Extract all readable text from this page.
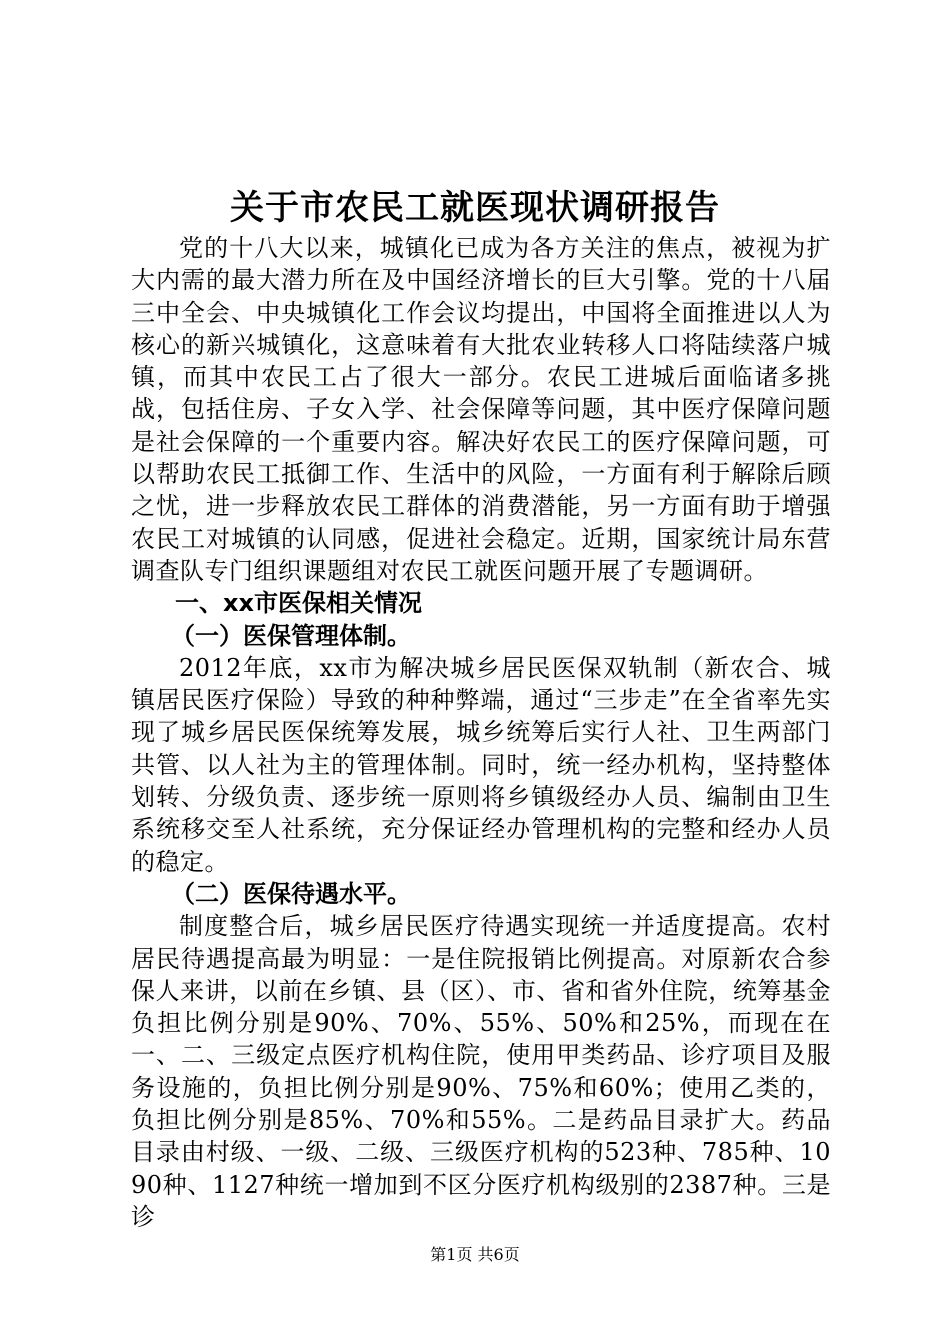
关于市农民工就医现状调研报告

党的十八大以来，城镇化已成为各方关注的焦点，被视为扩大内需的最大潜力所在及中国经济增长的巨大引擎。党的十八届三中全会、中央城镇化工作会议均提出，中国将全面推进以人为核心的新兴城镇化，这意味着有大批农业转移人口将陆续落户城镇，而其中农民工占了很大一部分。农民工进城后面临诸多挑战，包括住房、子女入学、社会保障等问题，其中医疗保障问题是社会保障的一个重要内容。解决好农民工的医疗保障问题，可以帮助农民工抵御工作、生活中的风险，一方面有利于解除后顾之忧，进一步释放农民工群体的消费潜能，另一方面有助于增强农民工对城镇的认同感，促进社会稳定。近期，国家统计局东营调查队专门组织课题组对农民工就医问题开展了专题调研。

一、xx市医保相关情况

（一）医保管理体制。

2012年底，xx市为解决城乡居民医保双轨制（新农合、城镇居民医疗保险）导致的种种弊端，通过“三步走”在全省率先实现了城乡居民医保统筹发展，城乡统筹后实行人社、卫生两部门共管、以人社为主的管理体制。同时，统一经办机构，坚持整体划转、分级负责、逐步统一原则将乡镇级经办人员、编制由卫生系统移交至人社系统，充分保证经办管理机构的完整和经办人员的稳定。

（二）医保待遇水平。

制度整合后，城乡居民医疗待遇实现统一并适度提高。农村居民待遇提高最为明显：一是住院报销比例提高。对原新农合参保人来讲，以前在乡镇、县（区）、市、省和省外住院，统筹基金负担比例分别是90%、70%、55%、50%和25%，而现在在一、二、三级定点医疗机构住院，使用甲类药品、诊疗项目及服务设施的，负担比例分别是90%、75%和60%；使用乙类的，负担比例分别是85%、70%和55%。二是药品目录扩大。药品目录由村级、一级、二级、三级医疗机构的523种、785种、1090种、1127种统一增加到不区分医疗机构级别的2387种。三是诊

第1页 共6页
